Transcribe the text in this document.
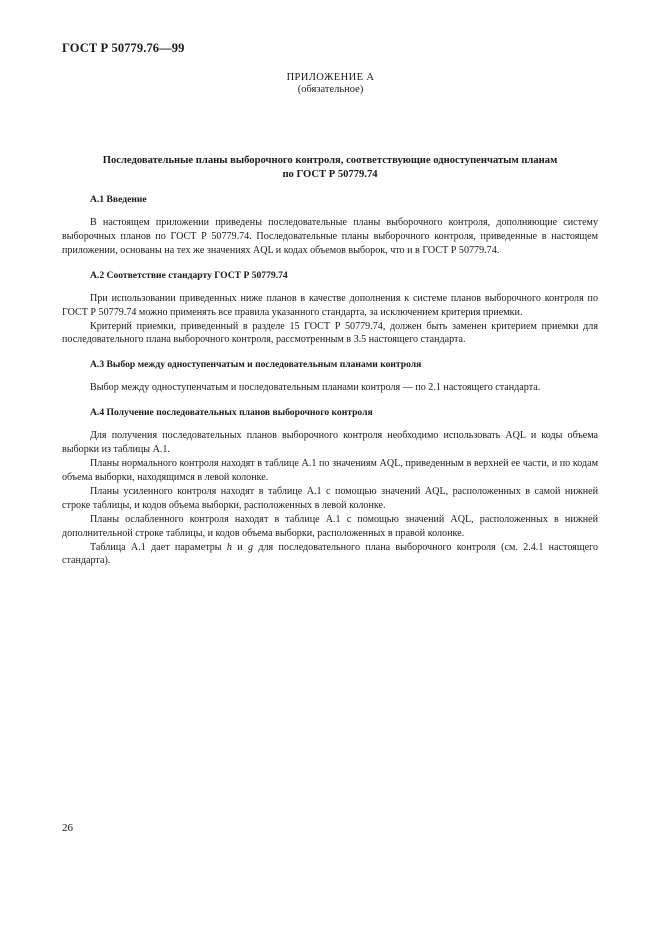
ГОСТ Р 50779.76—99
ПРИЛОЖЕНИЕ А
(обязательное)
Последовательные планы выборочного контроля, соответствующие одноступенчатым планам
по ГОСТ Р 50779.74
А.1 Введение

В настоящем приложении приведены последовательные планы выборочного контроля, дополняющие систему выборочных планов по ГОСТ Р 50779.74. Последовательные планы выборочного контроля, приведенные в настоящем приложении, основаны на тех же значениях AQL и кодах объемов выборок, что и в ГОСТ Р 50779.74.

А.2 Соответствие стандарту ГОСТ Р 50779.74

При использовании приведенных ниже планов в качестве дополнения к системе планов выборочного контроля по ГОСТ Р 50779.74 можно применять все правила указанного стандарта, за исключением критерия приемки.

Критерий приемки, приведенный в разделе 15 ГОСТ Р 50779.74, должен быть заменен критерием приемки для последовательного плана выборочного контроля, рассмотренным в 3.5 настоящего стандарта.

А.3 Выбор между одноступенчатым и последовательным планами контроля

Выбор между одноступенчатым и последовательным планами контроля — по 2.1 настоящего стандарта.

А.4 Получение последовательных планов выборочного контроля

Для получения последовательных планов выборочного контроля необходимо использовать AQL и коды объема выборки из таблицы А.1.

Планы нормального контроля находят в таблице А.1 по значениям AQL, приведенным в верхней ее части, и по кодам объема выборки, находящимся в левой колонке.

Планы усиленного контроля находят в таблице А.1 с помощью значений AQL, расположенных в самой нижней строке таблицы, и кодов объема выборки, расположенных в левой колонке.

Планы ослабленного контроля находят в таблице А.1 с помощью значений AQL, расположенных в нижней дополнительной строке таблицы, и кодов объема выборки, расположенных в правой колонке.

Таблица А.1 дает параметры h и g для последовательного плана выборочного контроля (см. 2.4.1 настоящего стандарта).

26
